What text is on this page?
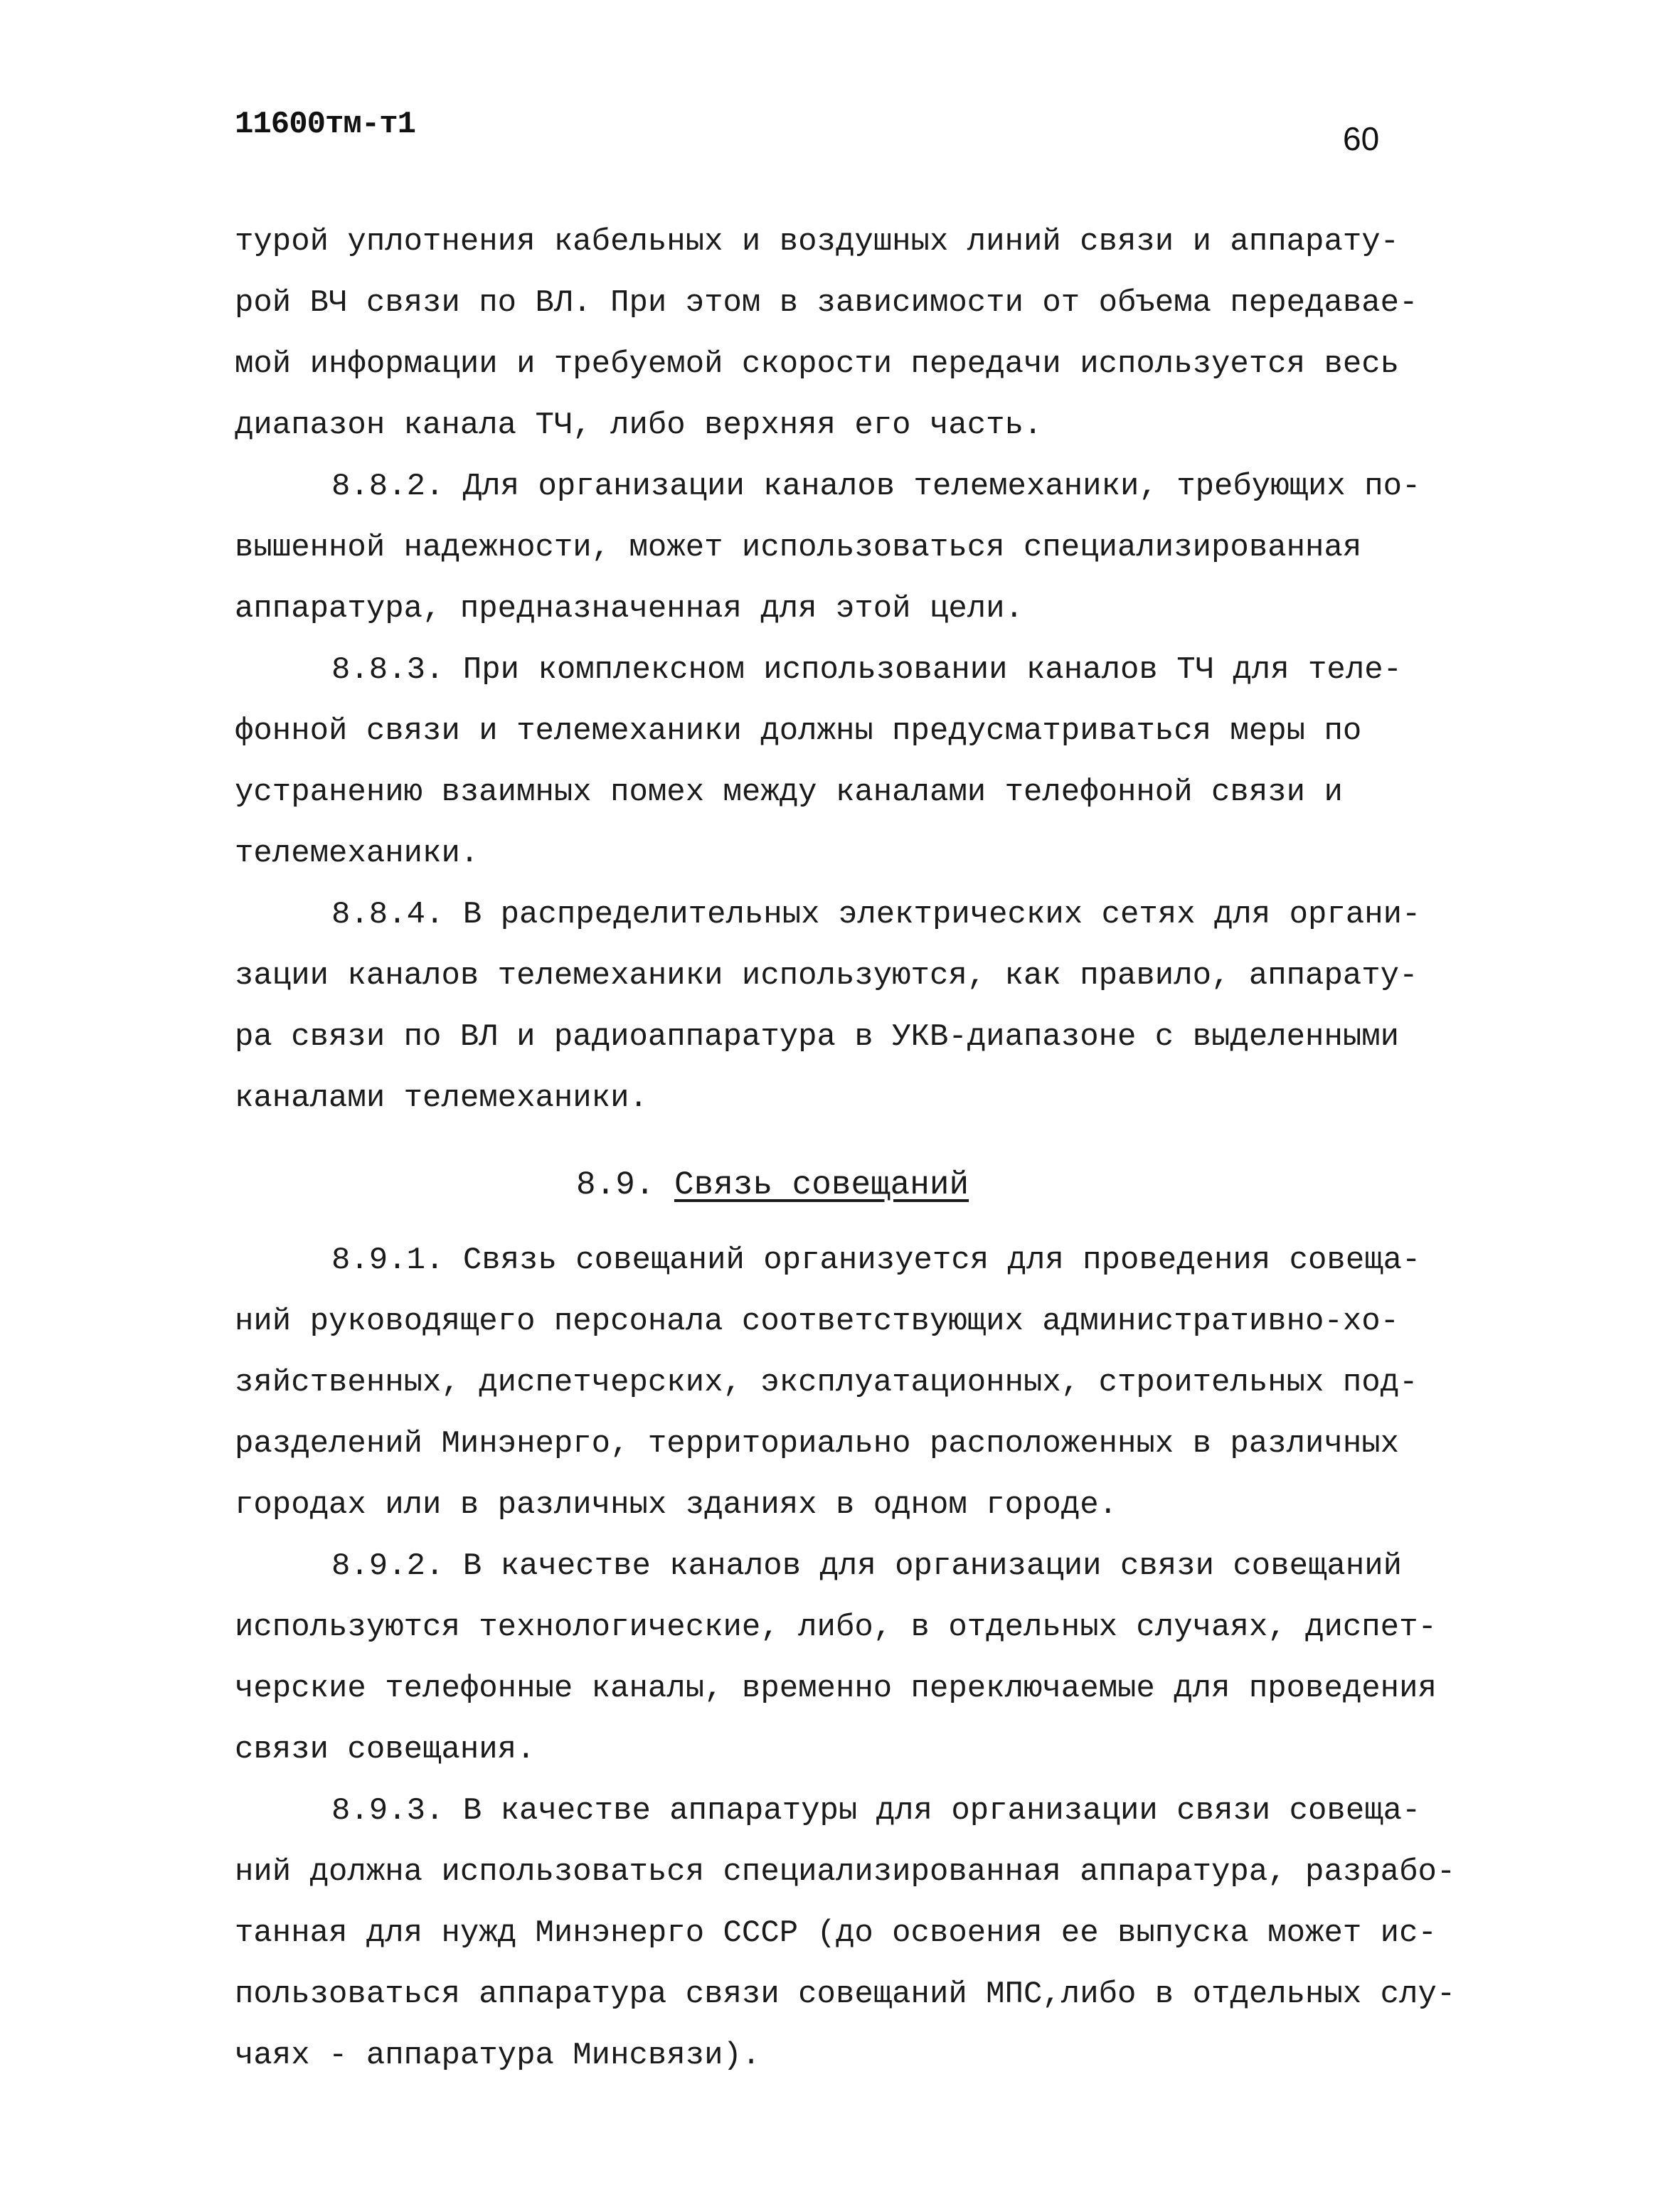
11600тм-т1	60
турой уплотнения кабельных и воздушных линий связи и аппарату-
рой ВЧ связи по ВЛ. При этом в зависимости от объема передавае-
мой информации и требуемой скорости передачи используется весь
диапазон канала ТЧ, либо верхняя его часть.
8.8.2. Для организации каналов телемеханики, требующих по-
вышенной надежности, может использоваться специализированная
аппаратура, предназначенная для этой цели.
8.8.3. При комплексном использовании каналов ТЧ для теле-
фонной связи и телемеханики должны предусматриваться меры по
устранению взаимных помех между каналами телефонной связи и
телемеханики.
8.8.4. В распределительных электрических сетях для органи-
зации каналов телемеханики используются, как правило, аппарату-
ра связи по ВЛ и радиоаппаратура в УКВ-диапазоне с выделенными
каналами телемеханики.
8.9. Связь совещаний
8.9.1. Связь совещаний организуется для проведения совеща-
ний руководящего персонала соответствующих административно-хо-
зяйственных, диспетчерских, эксплуатационных, строительных под-
разделений Минэнерго, территориально расположенных в различных
городах или в различных зданиях в одном городе.
8.9.2. В качестве каналов для организации связи совещаний
используются технологические, либо, в отдельных случаях, диспет-
черские телефонные каналы, временно переключаемые для проведения
связи совещания.
8.9.3. В качестве аппаратуры для организации связи совеща-
ний должна использоваться специализированная аппаратура, разрабо-
танная для нужд Минэнерго СССР (до освоения ее выпуска может ис-
пользоваться аппаратура связи совещаний МПС,либо в отдельных слу-
чаях - аппаратура Минсвязи).
